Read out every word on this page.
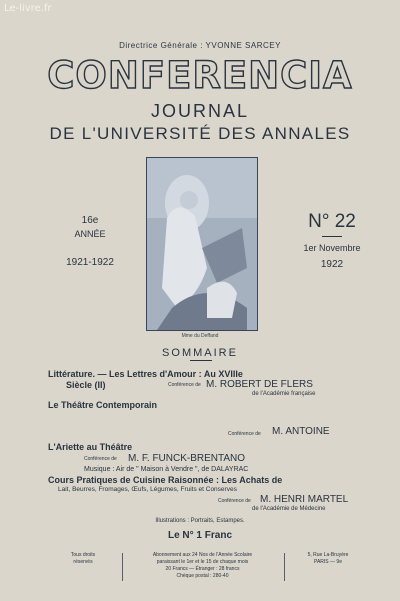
Le-livre.fr
Directrice Générale : YVONNE SARCEY
CONFERENCIA
JOURNAL
DE L'UNIVERSITÉ DES ANNALES
16e
ANNÉE
1921-1922
Mme du Deffand
N° 22
1er Novembre
1922
SOMMAIRE
Littérature. — Les Lettres d'Amour : Au XVIIIe
Siècle (II)	Conférence de M. ROBERT DE FLERS
de l'Académie française
Le Théâtre Contemporain
Conférence de M. ANTOINE
L'Ariette au Théâtre
Conférence de M. F. FUNCK-BRENTANO
Musique : Air de " Maison à Vendre ", de DALAYRAC
Cours Pratiques de Cuisine Raisonnée : Les Achats de
Lait, Beurres, Fromages, Œufs, Légumes, Fruits et Conserves
Conférence de M. HENRI MARTEL
de l'Académie de Médecine
Illustrations : Portraits, Estampes.
Le N° 1 Franc
Tous droits
réservés
Abonnement aux 24 Nos de l'Année Scolaire
paraissant le 1er et le 15 de chaque mois
20 Francs — Étranger : 28 francs
Chèque postal : 280-40
5, Rue La-Bruyère
PARIS — 9e
